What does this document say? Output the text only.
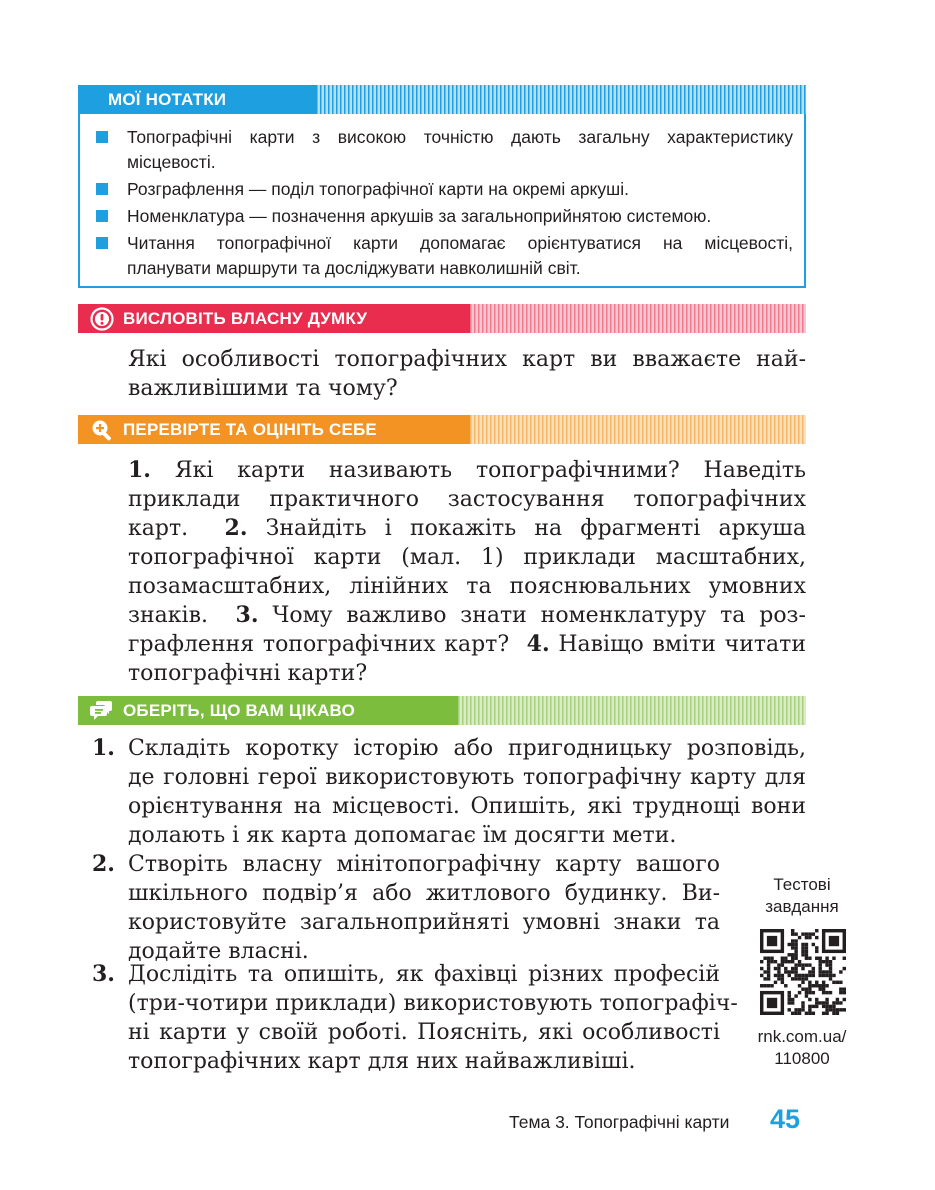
МОЇ НОТАТКИ
Топографічні карти з високою точністю дають загальну характеристику
місцевості.
Розграфлення — поділ топографічної карти на окремі аркуші.
Номенклатура — позначення аркушів за загальноприйнятою системою.
Читання топографічної карти допомагає орієнтуватися на місцевості,
планувати маршрути та досліджувати навколишній світ.
ВИСЛОВІТЬ ВЛАСНУ ДУМКУ
Які особливості топографічних карт ви вважаєте най-
важливішими та чому?
ПЕРЕВІРТЕ ТА ОЦІНІТЬ СЕБЕ
1. Які карти називають топографічними? Наведіть
приклади практичного застосування топографічних
карт.  2. Знайдіть і покажіть на фрагменті аркуша
топографічної карти (мал. 1) приклади масштабних,
позамасштабних, лінійних та пояснювальних умовних
знаків.  3. Чому важливо знати номенклатуру та роз-
графлення топографічних карт?  4. Навіщо вміти читати
топографічні карти?
ОБЕРІТЬ, ЩО ВАМ ЦІКАВО
1. Складіть коротку історію або пригодницьку розповідь,
де головні герої використовують топографічну карту для
орієнтування на місцевості. Опишіть, які труднощі вони
долають і як карта допомагає їм досягти мети.
2. Створіть власну мінітопографічну карту вашого
шкільного подвір’я або житлового будинку. Ви-
користовуйте загальноприйняті умовні знаки та
додайте власні.
3. Дослідіть та опишіть, як фахівці різних професій
(три-чотири приклади) використовують топографіч-
ні карти у своїй роботі. Поясніть, які особливості
топографічних карт для них найважливіші.
Тестові
завдання
rnk.com.ua/
110800
Тема 3. Топографічні карти 45
